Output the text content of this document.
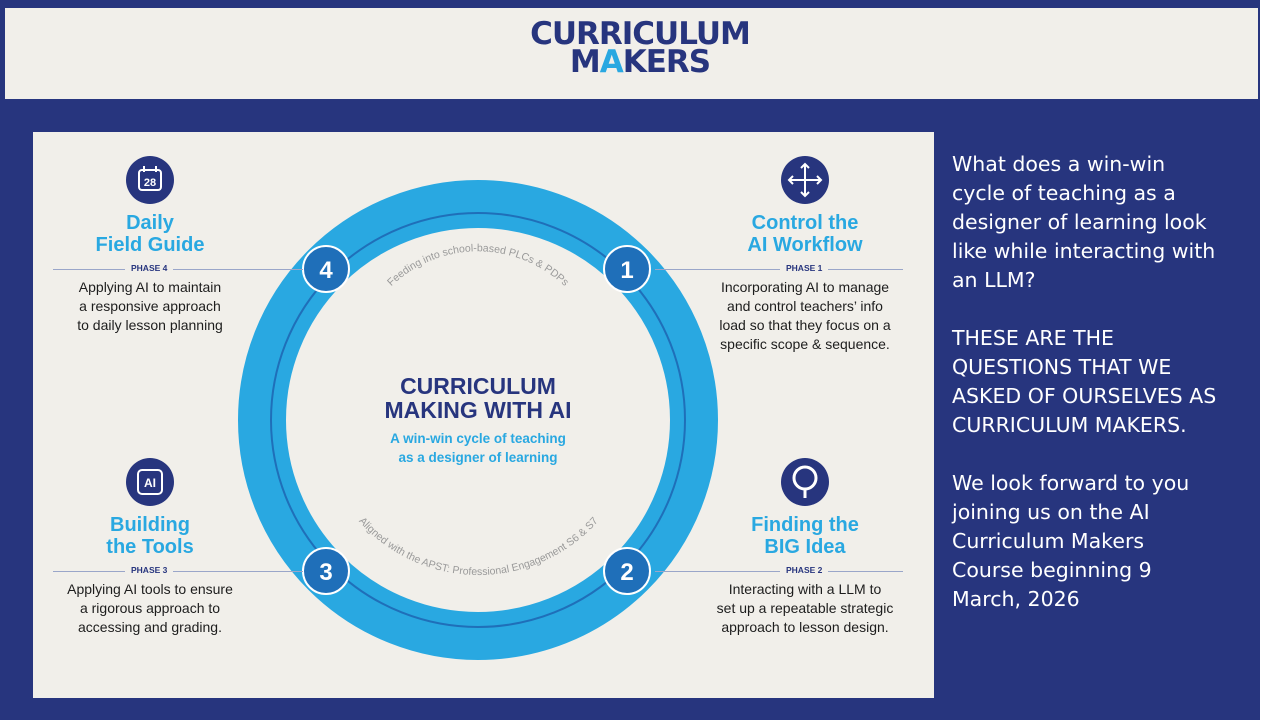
CURRICULUM
MAKERS
Feeding into school-based PLCs & PDPs
Aligned with the APST: Professional Engagement S6 & S7
CURRICULUM
MAKING WITH AI
A win-win cycle of teaching
as a designer of learning
4	1
3	2
28
AI
Daily
Field Guide
PHASE 4
Applying AI to maintain
a responsive approach
to daily lesson planning
Control the
AI Workflow
PHASE 1
Incorporating AI to manage
and control teachers’ info
load so that they focus on a
specific scope & sequence.
Building
the Tools
PHASE 3
Applying AI tools to ensure
a rigorous approach to
accessing and grading.
Finding the
BIG Idea
PHASE 2
Interacting with a LLM to
set up a repeatable strategic
approach to lesson design.

What does a win-win cycle of teaching as a designer of learning look like while interacting with an LLM?

THESE ARE THE QUESTIONS THAT WE ASKED OF OURSELVES AS CURRICULUM MAKERS.

We look forward to you joining us on the AI Curriculum Makers Course beginning 9 March, 2026
